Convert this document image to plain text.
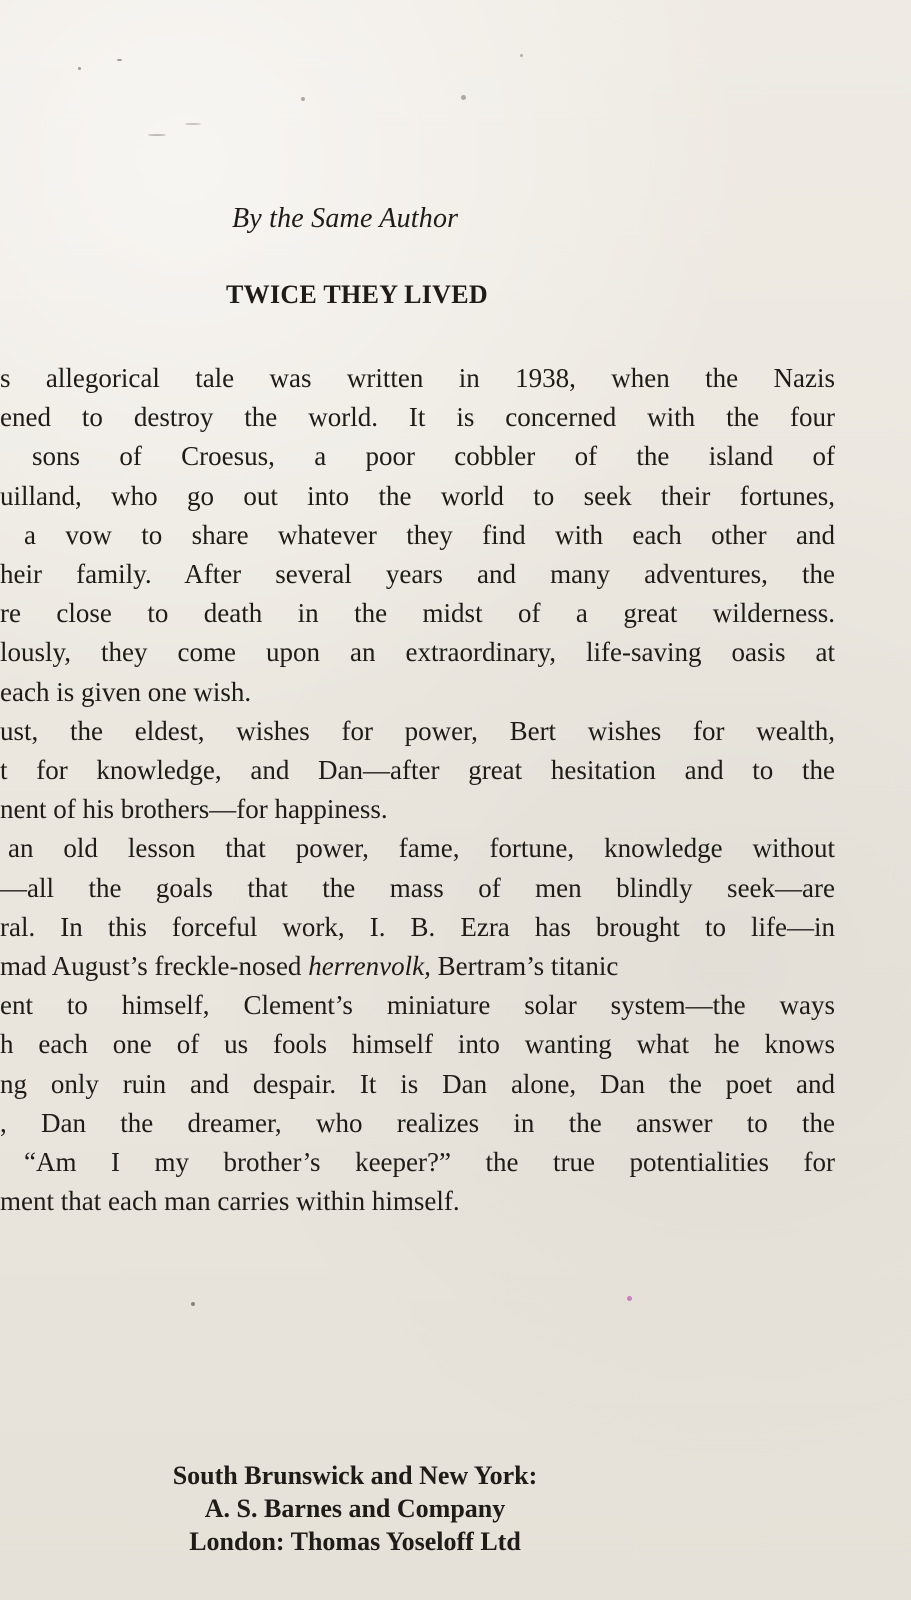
By the Same Author
TWICE THEY LIVED
s allegorical tale was written in 1938, when the Nazis
ened to destroy the world. It is concerned with the four
sons of Croesus, a poor cobbler of the island of
uilland, who go out into the world to seek their fortunes,
a vow to share whatever they find with each other and
heir family. After several years and many adventures, the
re close to death in the midst of a great wilderness.
lously, they come upon an extraordinary, life-saving oasis at
each is given one wish.
ust, the eldest, wishes for power, Bert wishes for wealth,
t for knowledge, and Dan—after great hesitation and to the
nent of his brothers—for happiness.
an old lesson that power, fame, fortune, knowledge without
—all the goals that the mass of men blindly seek—are
ral. In this forceful work, I. B. Ezra has brought to life—in
mad August’s freckle-nosed herrenvolk, Bertram’s titanic
ent to himself, Clement’s miniature solar system—the ways
h each one of us fools himself into wanting what he knows
ng only ruin and despair. It is Dan alone, Dan the poet and
, Dan the dreamer, who realizes in the answer to the
“Am I my brother’s keeper?” the true potentialities for
ment that each man carries within himself.
South Brunswick and New York:
A. S. Barnes and Company
London: Thomas Yoseloff Ltd
